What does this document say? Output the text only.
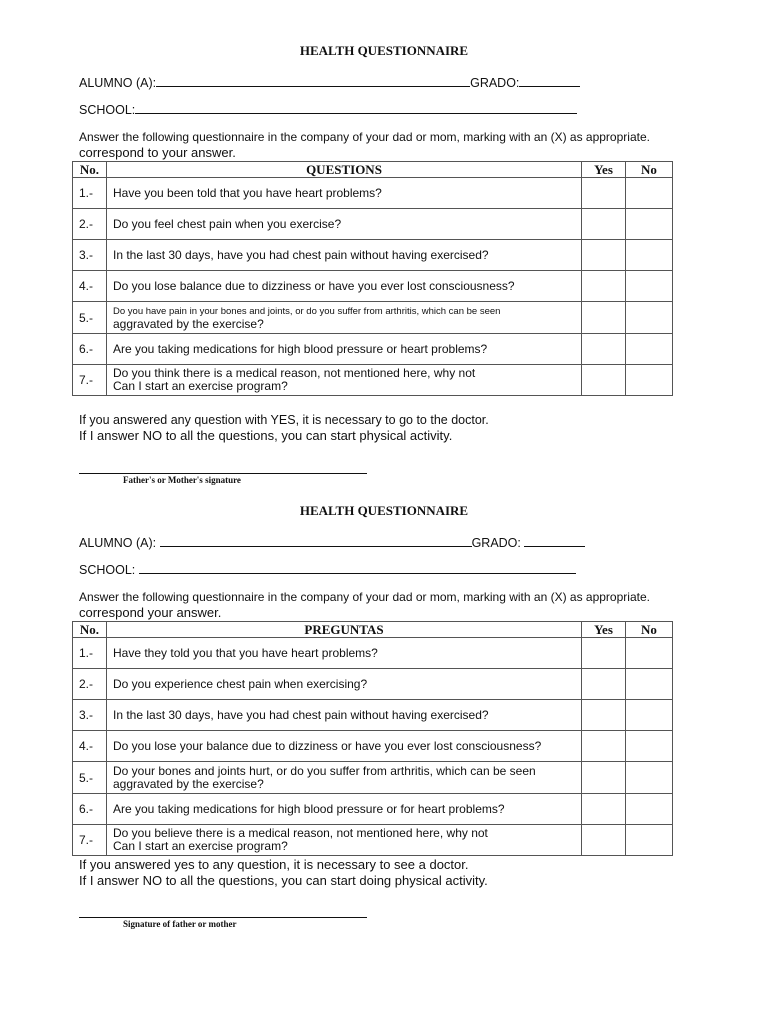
HEALTH QUESTIONNAIRE
ALUMNO (A):	GRADO:
SCHOOL:
Answer the following questionnaire in the company of your dad or mom, marking with an (X) as appropriate.
correspond to your answer.
No.	QUESTIONS	Yes	No
1.-	Have you been told that you have heart problems?		

2.-	Do you feel chest pain when you exercise?		

3.-	In the last 30 days, have you had chest pain without having exercised?		

4.-	Do you lose balance due to dizziness or have you ever lost consciousness?		

5.-	Do you have pain in your bones and joints, or do you suffer from arthritis, which can be seen
aggravated by the exercise?		

6.-	Are you taking medications for high blood pressure or heart problems?		

7.-	Do you think there is a medical reason, not mentioned here, why not
Can I start an exercise program?		

If you answered any question with YES, it is necessary to go to the doctor.
If I answer NO to all the questions, you can start physical activity.
Father's or Mother's signature
HEALTH QUESTIONNAIRE
ALUMNO (A):	GRADO:
SCHOOL:
Answer the following questionnaire in the company of your dad or mom, marking with an (X) as appropriate.
correspond your answer.
No.	PREGUNTAS	Yes	No
1.-	Have they told you that you have heart problems?		

2.-	Do you experience chest pain when exercising?		

3.-	In the last 30 days, have you had chest pain without having exercised?		

4.-	Do you lose your balance due to dizziness or have you ever lost consciousness?		

5.-	Do your bones and joints hurt, or do you suffer from arthritis, which can be seen
aggravated by the exercise?		

6.-	Are you taking medications for high blood pressure or for heart problems?		

7.-	Do you believe there is a medical reason, not mentioned here, why not
Can I start an exercise program?		

If you answered yes to any question, it is necessary to see a doctor.
If I answer NO to all the questions, you can start doing physical activity.
Signature of father or mother
